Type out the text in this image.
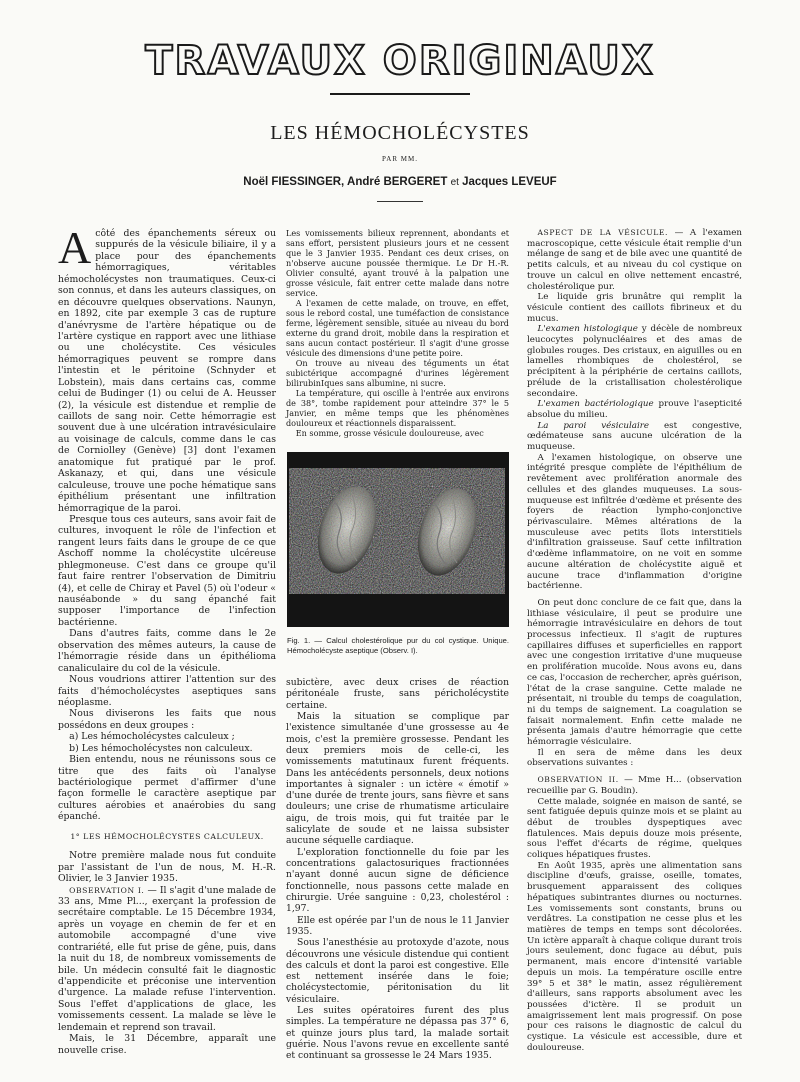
TRAVAUX ORIGINAUX
LES HÉMOCHOLÉCYSTES
PAR MM.
Noël FIESSINGER, André BERGERET et Jacques LEVEUF

Acôté des épanchements séreux ou suppurés de la vésicule biliaire, il y a place pour des épanchements hémorragiques, véritables hémocholécystes non traumatiques. Ceux-ci son connus, et dans les auteurs classiques, on en découvre quelques observations. Naunyn, en 1892, cite par exemple 3 cas de rupture d'anévrysme de l'artère hépatique ou de l'artère cystique en rapport avec une lithiase ou une cholécystite. Ces vésicules hémorragiques peuvent se rompre dans l'intestin et le péritoine (Schnyder et Lobstein), mais dans certains cas, comme celui de Budinger (1) ou celui de A. Heusser (2), la vésicule est distendue et remplie de caillots de sang noir. Cette hémorragie est souvent due à une ulcération intravésiculaire au voisinage de calculs, comme dans le cas de Corniolley (Genève) [3] dont l'examen anatomique fut pratiqué par le prof. Askanazy, et qui, dans une vésicule calculeuse, trouve une poche hématique sans épithélium présentant une infiltration hémorragique de la paroi.

Presque tous ces auteurs, sans avoir fait de cultures, invoquent le rôle de l'infection et rangent leurs faits dans le groupe de ce que Aschoff nomme la cholécystite ulcéreuse phlegmoneuse. C'est dans ce groupe qu'il faut faire rentrer l'observation de Dimitriu (4), et celle de Chiray et Pavel (5) où l'odeur « nauséabonde » du sang épanché fait supposer l'importance de l'infection bactérienne.

Dans d'autres faits, comme dans le 2e observation des mêmes auteurs, la cause de l'hémorragie réside dans un épithélioma canaliculaire du col de la vésicule.

Nous voudrions attirer l'attention sur des faits d'hémocholécystes aseptiques sans néoplasme.

Nous diviserons les faits que nous possédons en deux groupes :

a) Les hémocholécystes calculeux ;

b) Les hémocholécystes non calculeux.

Bien entendu, nous ne réunissons sous ce titre que des faits où l'analyse bactériologique permet d'affirmer d'une façon formelle le caractère aseptique par cultures aérobies et anaérobies du sang épanché.

1° LES HÉMOCHOLÉCYSTES CALCULEUX.

Notre première malade nous fut conduite par l'assistant de l'un de nous, M. H.-R. Olivier, le 3 Janvier 1935.

OBSERVATION I. — Il s'agit d'une malade de 33 ans, Mme Pl..., exerçant la profession de secrétaire comptable. Le 15 Décembre 1934, après un voyage en chemin de fer et en automobile accompagné d'une vive contrariété, elle fut prise de gêne, puis, dans la nuit du 18, de nombreux vomissements de bile. Un médecin consulté fait le diagnostic d'appendicite et préconise une intervention d'urgence. La malade refuse l'intervention. Sous l'effet d'applications de glace, les vomissements cessent. La malade se lève le lendemain et reprend son travail.

Mais, le 31 Décembre, apparaît une nouvelle crise.

Les vomissements bilieux reprennent, abondants et sans effort, persistent plusieurs jours et ne cessent que le 3 Janvier 1935. Pendant ces deux crises, on n'observe aucune poussée thermique. Le Dr H.-R. Olivier consulté, ayant trouvé à la palpation une grosse vésicule, fait entrer cette malade dans notre service.

A l'examen de cette malade, on trouve, en effet, sous le rebord costal, une tuméfaction de consistance ferme, légèrement sensible, située au niveau du bord externe du grand droit, mobile dans la respiration et sans aucun contact postérieur. Il s'agit d'une grosse vésicule des dimensions d'une petite poire.

On trouve au niveau des téguments un état subictérique accompagné d'urines légèrement bilirubinIques sans albumine, ni sucre.

La température, qui oscille à l'entrée aux environs de 38°, tombe rapidement pour atteindre 37° le 5 Janvier, en même temps que les phénomènes douloureux et réactionnels disparaissent.

En somme, grosse vésicule douloureuse, avec

Fig. 1. — Calcul cholestérolique pur du col cystique. Unique. Hémocholécyste aseptique (Observ. I).

subictère, avec deux crises de réaction péritonéale fruste, sans péricholécystite certaine.

Mais la situation se complique par l'existence simultanée d'une grossesse au 4e mois, c'est la première grossesse. Pendant les deux premiers mois de celle-ci, les vomissements matutinaux furent fréquents. Dans les antécédents personnels, deux notions importantes à signaler : un ictère « émotif » d'une durée de trente jours, sans fièvre et sans douleurs; une crise de rhumatisme articulaire aigu, de trois mois, qui fut traitée par le salicylate de soude et ne laissa subsister aucune séquelle cardiaque.

L'exploration fonctionnelle du foie par les concentrations galactosuriques fractionnées n'ayant donné aucun signe de déficience fonctionnelle, nous passons cette malade en chirurgie. Urée sanguine : 0,23, cholestérol : 1,97.

Elle est opérée par l'un de nous le 11 Janvier 1935.

Sous l'anesthésie au protoxyde d'azote, nous découvrons une vésicule distendue qui contient des calculs et dont la paroi est congestive. Elle est nettement insérée dans le foie; cholécystectomie, péritonisation du lit vésiculaire.

Les suites opératoires furent des plus simples. La température ne dépassa pas 37° 6, et quinze jours plus tard, la malade sortait guérie. Nous l'avons revue en excellente santé et continuant sa grossesse le 24 Mars 1935.

ASPECT DE LA VÉSICULE. — A l'examen macroscopique, cette vésicule était remplie d'un mélange de sang et de bile avec une quantité de petits calculs, et au niveau du col cystique on trouve un calcul en olive nettement encastré, cholestérolique pur.

Le liquide gris brunâtre qui remplit la vésicule contient des caillots fibrineux et du mucus.

L'examen histologique y décèle de nombreux leucocytes polynucléaires et des amas de globules rouges. Des cristaux, en aiguilles ou en lamelles rhombiques de cholestérol, se précipitent à la périphérie de certains caillots, prélude de la cristallisation cholestérolique secondaire.

L'examen bactériologique prouve l'asepticité absolue du milieu.

La paroi vésiculaire est congestive, œdémateuse sans aucune ulcération de la muqueuse.

A l'examen histologique, on observe une intégrité presque complète de l'épithélium de revêtement avec prolifération anormale des cellules et des glandes muqueuses. La sous-muqueuse est infiltrée d'œdème et présente des foyers de réaction lympho-conjonctive périvasculaire. Mêmes altérations de la musculeuse avec petits îlots interstitiels d'infiltration graisseuse. Sauf cette infiltration d'œdème inflammatoire, on ne voit en somme aucune altération de cholécystite aiguë et aucune trace d'inflammation d'origine bactérienne.

On peut donc conclure de ce fait que, dans la lithiase vésiculaire, il peut se produire une hémorragie intravésiculaire en dehors de tout processus infectieux. Il s'agit de ruptures capillaires diffuses et superficielles en rapport avec une congestion irritative d'une muqueuse en prolifération mucoïde. Nous avons eu, dans ce cas, l'occasion de rechercher, après guérison, l'état de la crase sanguine. Cette malade ne présentait, ni trouble du temps de coagulation, ni du temps de saignement. La coagulation se faisait normalement. Enfin cette malade ne présenta jamais d'autre hémorragie que cette hémorragie vésiculaire.

Il en sera de même dans les deux observations suivantes :

OBSERVATION II. — Mme H... (observation recueillie par G. Boudin).

Cette malade, soignée en maison de santé, se sent fatiguée depuis quinze mois et se plaint au début de troubles dyspeptiques avec flatulences. Mais depuis douze mois présente, sous l'effet d'écarts de régime, quelques coliques hépatiques frustes.

En Août 1935, après une alimentation sans discipline d'œufs, graisse, oseille, tomates, brusquement apparaissent des coliques hépatiques subintrantes diurnes ou nocturnes. Les vomissements sont constants, bruns ou verdâtres. La constipation ne cesse plus et les matières de temps en temps sont décolorées. Un ictère apparaît à chaque colique durant trois jours seulement, donc fugace au début, puis permanent, mais encore d'intensité variable depuis un mois. La température oscille entre 39° 5 et 38° le matin, assez régulièrement d'ailleurs, sans rapports absolument avec les poussées d'ictère. Il se produit un amaigrissement lent mais progressif. On pose pour ces raisons le diagnostic de calcul du cystique. La vésicule est accessible, dure et douloureuse.
